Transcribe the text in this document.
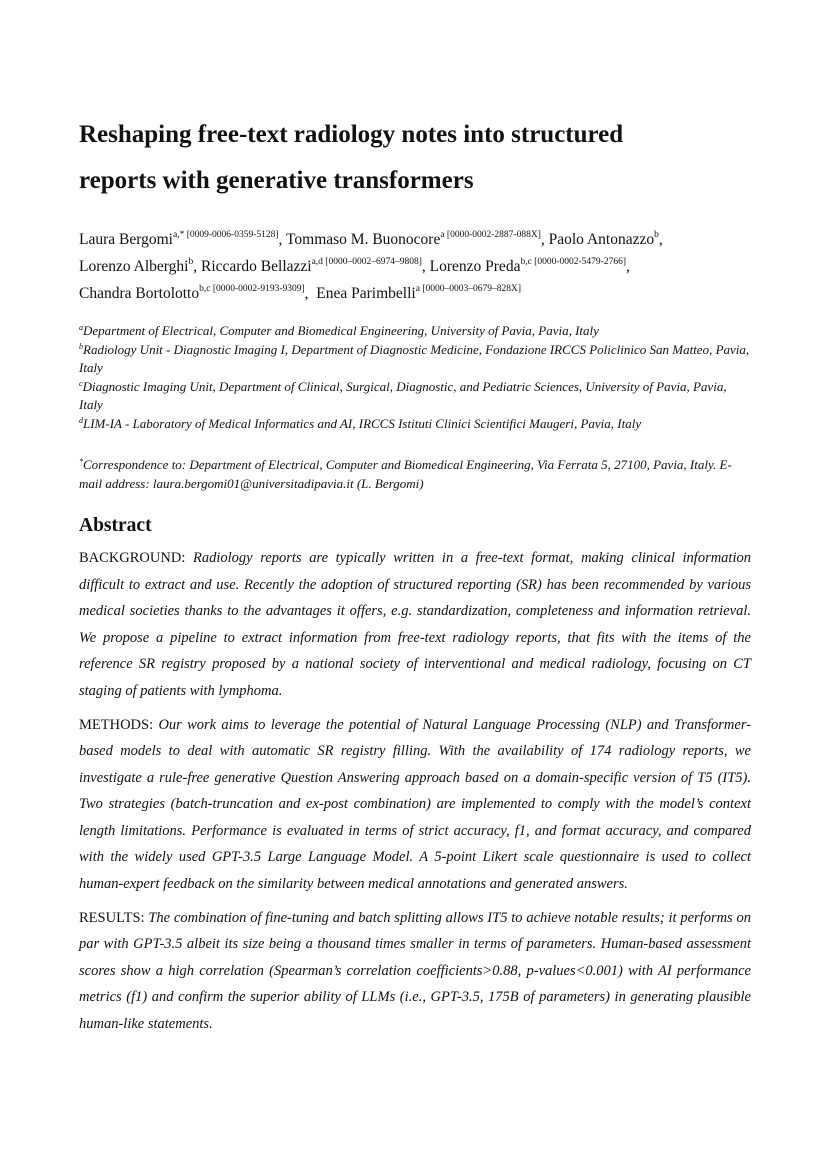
Reshaping free-text radiology notes into structured
reports with generative transformers

Laura Bergomi$^{a,* [0009-0006-0359-5128]}$, Tommaso M. Buonocore$^{a [0000-0002-2887-088X]}$, Paolo Antonazzo$^b$,
Lorenzo Alberghi$^b$, Riccardo Bellazzi$^{a,d [0000-0002-6974-9808]}$, Lorenzo Preda$^{b,c [0000-0002-5479-2766]}$,
Chandra Bortolotto$^{b,c [0000-0002-9193-9309]}$,  Enea Parimbelli$^{a [0000-0003-0679-828X]}$

$^a$Department of Electrical, Computer and Biomedical Engineering, University of Pavia, Pavia, Italy

$^b$Radiology Unit - Diagnostic Imaging I, Department of Diagnostic Medicine, Fondazione IRCCS Policlinico San Matteo, Pavia, Italy

$^c$Diagnostic Imaging Unit, Department of Clinical, Surgical, Diagnostic, and Pediatric Sciences, University of Pavia, Pavia, Italy

$^d$LIM-IA - Laboratory of Medical Informatics and AI, IRCCS Istituti Clinici Scientifici Maugeri, Pavia, Italy

*Correspondence to: Department of Electrical, Computer and Biomedical Engineering, Via Ferrata 5, 27100, Pavia, Italy. E-mail address: laura.bergomi01@universitadipavia.it (L. Bergomi)

Abstract

BACKGROUND: Radiology reports are typically written in a free-text format, making clinical information difficult to extract and use. Recently the adoption of structured reporting (SR) has been recommended by various medical societies thanks to the advantages it offers, e.g. standardization, completeness and information retrieval. We propose a pipeline to extract information from free-text radiology reports, that fits with the items of the reference SR registry proposed by a national society of interventional and medical radiology, focusing on CT staging of patients with lymphoma.

METHODS: Our work aims to leverage the potential of Natural Language Processing (NLP) and Transformer-based models to deal with automatic SR registry filling. With the availability of 174 radiology reports, we investigate a rule-free generative Question Answering approach based on a domain-specific version of T5 (IT5). Two strategies (batch-truncation and ex-post combination) are implemented to comply with the model’s context length limitations. Performance is evaluated in terms of strict accuracy, f1, and format accuracy, and compared with the widely used GPT-3.5 Large Language Model. A 5-point Likert scale questionnaire is used to collect human-expert feedback on the similarity between medical annotations and generated answers.

RESULTS: The combination of fine-tuning and batch splitting allows IT5 to achieve notable results; it performs on par with GPT-3.5 albeit its size being a thousand times smaller in terms of parameters. Human-based assessment scores show a high correlation (Spearman’s correlation coefficients>0.88, p-values<0.001) with AI performance metrics (f1) and confirm the superior ability of LLMs (i.e., GPT-3.5, 175B of parameters) in generating plausible human-like statements.
